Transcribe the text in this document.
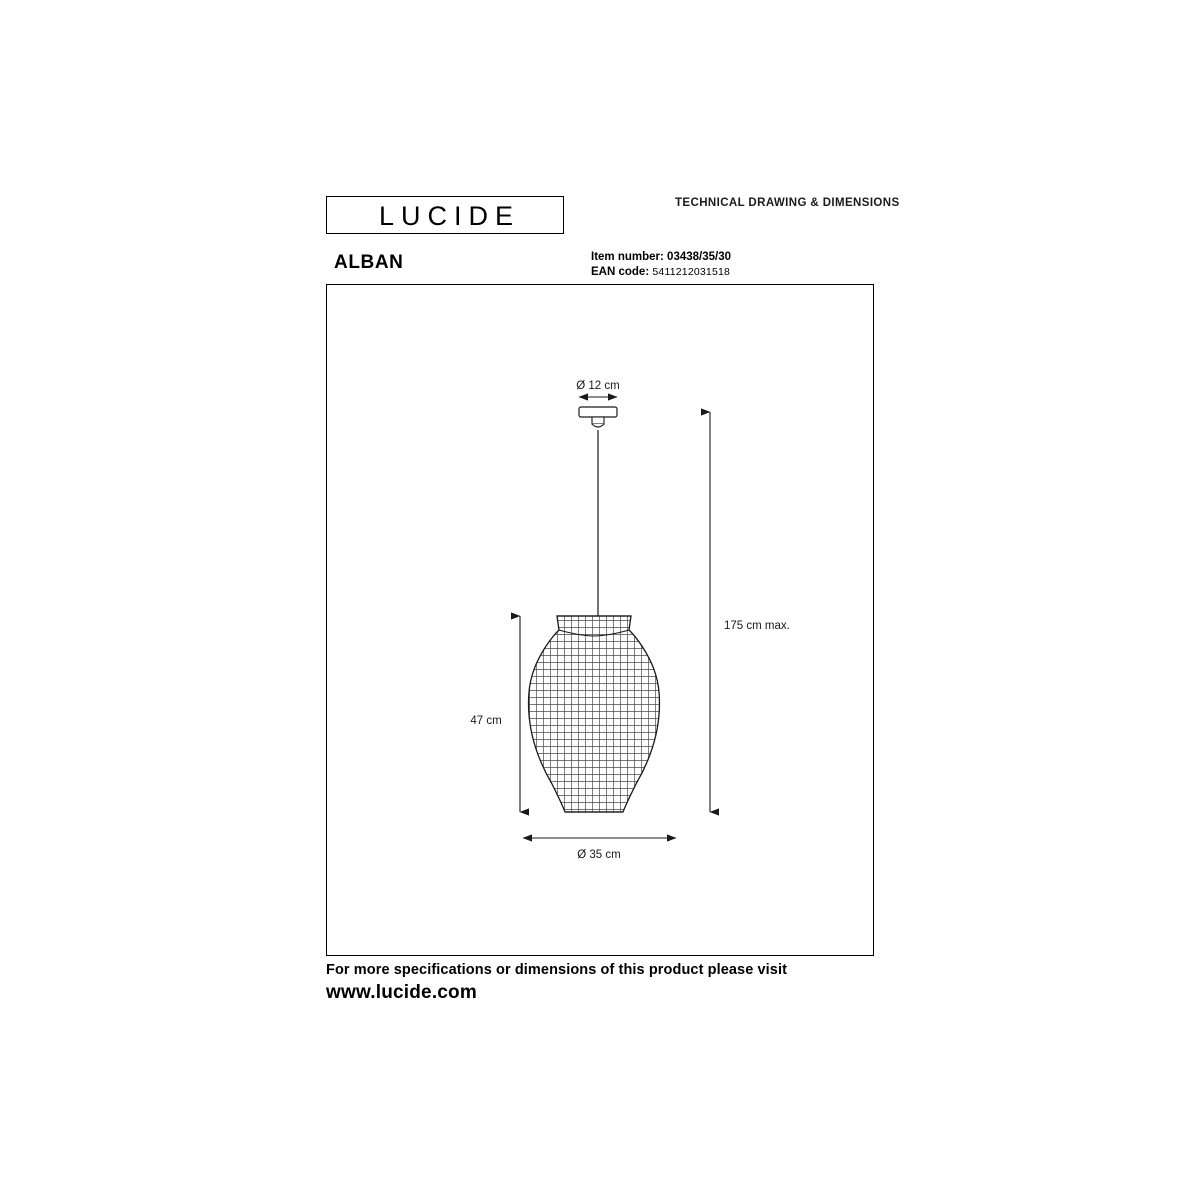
LUCIDE	TECHNICAL DRAWING & DIMENSIONS
ALBAN	Item number: 03438/35/30
EAN code: 5411212031518
Ø 12 cm
47 cm
175 cm max.
Ø 35 cm
For more specifications or dimensions of this product please visit
www.lucide.com
